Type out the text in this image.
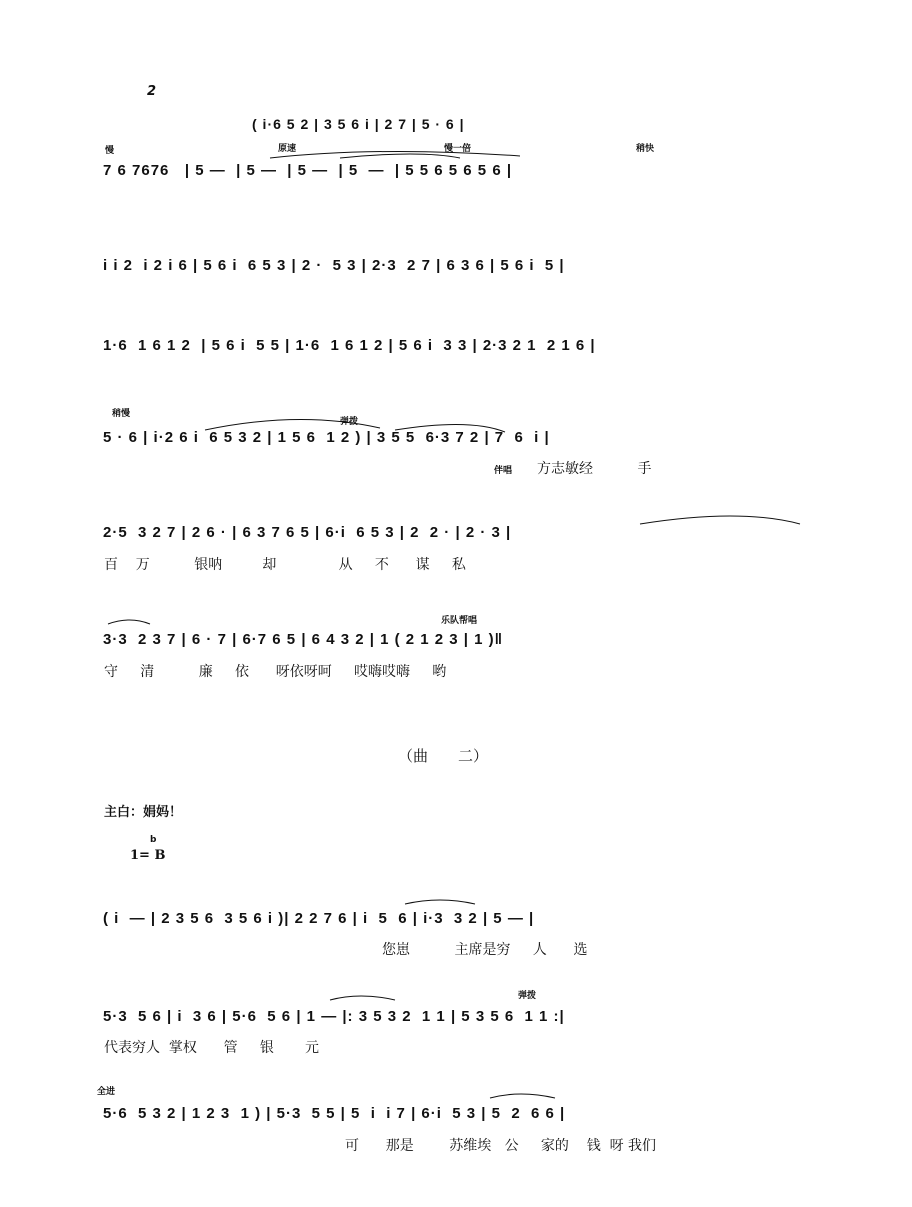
2
( i·6 5 2 | 3 5 6 i | 2 7 | 5 · 6 |
慢	原速	慢一倍	稍快
7 6 7676   | 5 —  | 5 —  | 5 —  | 5  —  | 5 5 6 5 6 5 6 |
i i 2  i 2 i 6 | 5 6 i  6 5 3 | 2 ·  5 3 | 2·3  2 7 | 6 3 6 | 5 6 i  5 |
1·6  1 6 1 2  | 5 6 i  5 5 | 1·6  1 6 1 2 | 5 6 i  3 3 | 2·3 2 1  2 1 6 |
稍慢
弹拨
5 · 6 | i·2 6 i  6 5 3 2 | 1 5 6  1 2 ) | 3 5 5  6·3 7 2 | 7  6  i |
伴唱 方志敏经          手
2·5  3 2 7 | 2 6 · | 6 3 7 6 5 | 6·i  6 5 3 | 2  2 · | 2 · 3 |
百    万          银呐         却              从     不      谋     私
乐队帮唱
3·3  2 3 7 | 6 · 7 | 6·7 6 5 | 6 4 3 2 | 1 ( 2 1 2 3 | 1 )‖
守     清          廉     依      呀依呀呵     哎嗨哎嗨     哟
（曲　　二）
主白：娟妈！
b
1= B
( i  — | 2 3 5 6  3 5 6 i )| 2 2 7 6 | i  5  6 | i·3  3 2 | 5 — |
您崽          主席是穷     人      选
弹拨
5·3  5 6 | i  3 6 | 5·6  5 6 | 1 — |: 3 5 3 2  1 1 | 5 3 5 6  1 1 :|
代表穷人  掌权      管     银       元
全进
5·6  5 3 2 | 1 2 3  1 ) | 5·3  5 5 | 5  i  i 7 | 6·i  5 3 | 5  2  6 6 |
可      那是        苏维埃   公     家的    钱  呀 我们
